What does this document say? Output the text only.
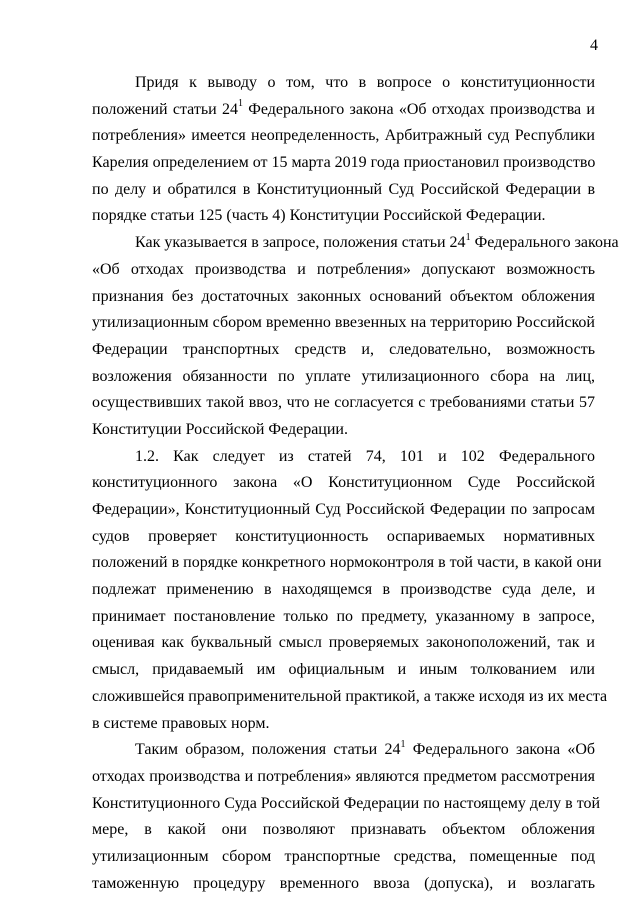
4
Придя к выводу о том, что в вопросе о конституционности
положений статьи $24^1$ Федерального закона «Об отходах производства и
потребления» имеется неопределенность, Арбитражный суд Республики
Карелия определением от 15 марта 2019 года приостановил производство
по делу и обратился в Конституционный Суд Российской Федерации в
порядке статьи 125 (часть 4) Конституции Российской Федерации.
Как указывается в запросе, положения статьи $24^1$ Федерального закона
«Об отходах производства и потребления» допускают возможность
признания без достаточных законных оснований объектом обложения
утилизационным сбором временно ввезенных на территорию Российской
Федерации транспортных средств и, следовательно, возможность
возложения обязанности по уплате утилизационного сбора на лиц,
осуществивших такой ввоз, что не согласуется с требованиями статьи 57
Конституции Российской Федерации.
1.2. Как следует из статей 74, 101 и 102 Федерального
конституционного закона «О Конституционном Суде Российской
Федерации», Конституционный Суд Российской Федерации по запросам
судов проверяет конституционность оспариваемых нормативных
положений в порядке конкретного нормоконтроля в той части, в какой они
подлежат применению в находящемся в производстве суда деле, и
принимает постановление только по предмету, указанному в запросе,
оценивая как буквальный смысл проверяемых законоположений, так и
смысл, придаваемый им официальным и иным толкованием или
сложившейся правоприменительной практикой, а также исходя из их места
в системе правовых норм.
Таким образом, положения статьи $24^1$ Федерального закона «Об
отходах производства и потребления» являются предметом рассмотрения
Конституционного Суда Российской Федерации по настоящему делу в той
мере, в какой они позволяют признавать объектом обложения
утилизационным сбором транспортные средства, помещенные под
таможенную процедуру временного ввоза (допуска), и возлагать
